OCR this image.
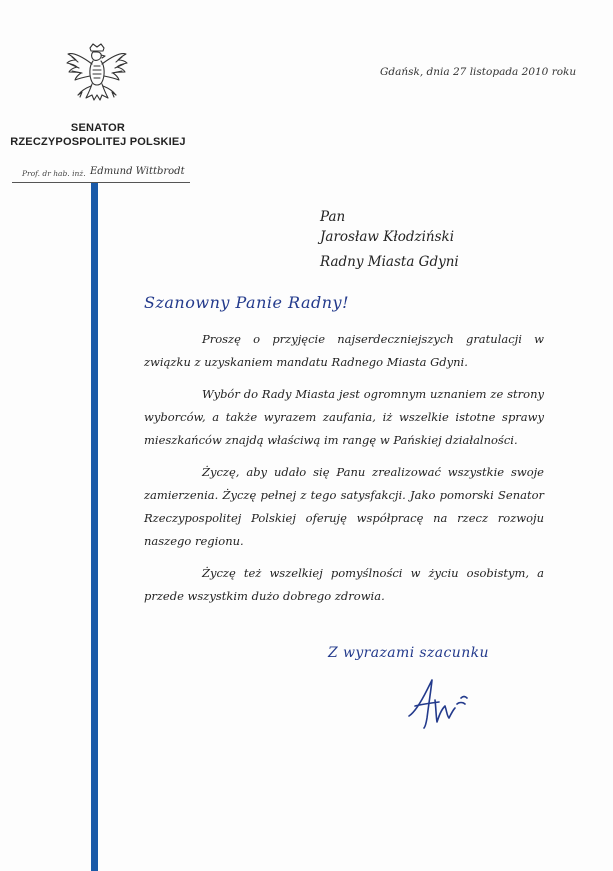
SENATOR
RZECZYPOSPOLITEJ POLSKIEJ
Prof. dr hab. inż. Edmund Wittbrodt
Gdańsk, dnia 27 listopada 2010 roku
Pan
Jarosław Kłodziński
Radny Miasta Gdyni
Szanowny Panie Radny!

Proszę o przyjęcie najserdeczniejszych gratulacji w związku z uzyskaniem mandatu Radnego Miasta Gdyni.

Wybór do Rady Miasta jest ogromnym uznaniem ze strony wyborców, a także wyrazem zaufania, iż wszelkie istotne sprawy mieszkańców znajdą właściwą im rangę w Pańskiej działalności.

Życzę, aby udało się Panu zrealizować wszystkie swoje zamierzenia. Życzę pełnej z tego satysfakcji. Jako pomorski Senator Rzeczypospolitej Polskiej oferuję współpracę na rzecz rozwoju naszego regionu.

Życzę też wszelkiej pomyślności w życiu osobistym, a przede wszystkim dużo dobrego zdrowia.

Z wyrazami szacunku
